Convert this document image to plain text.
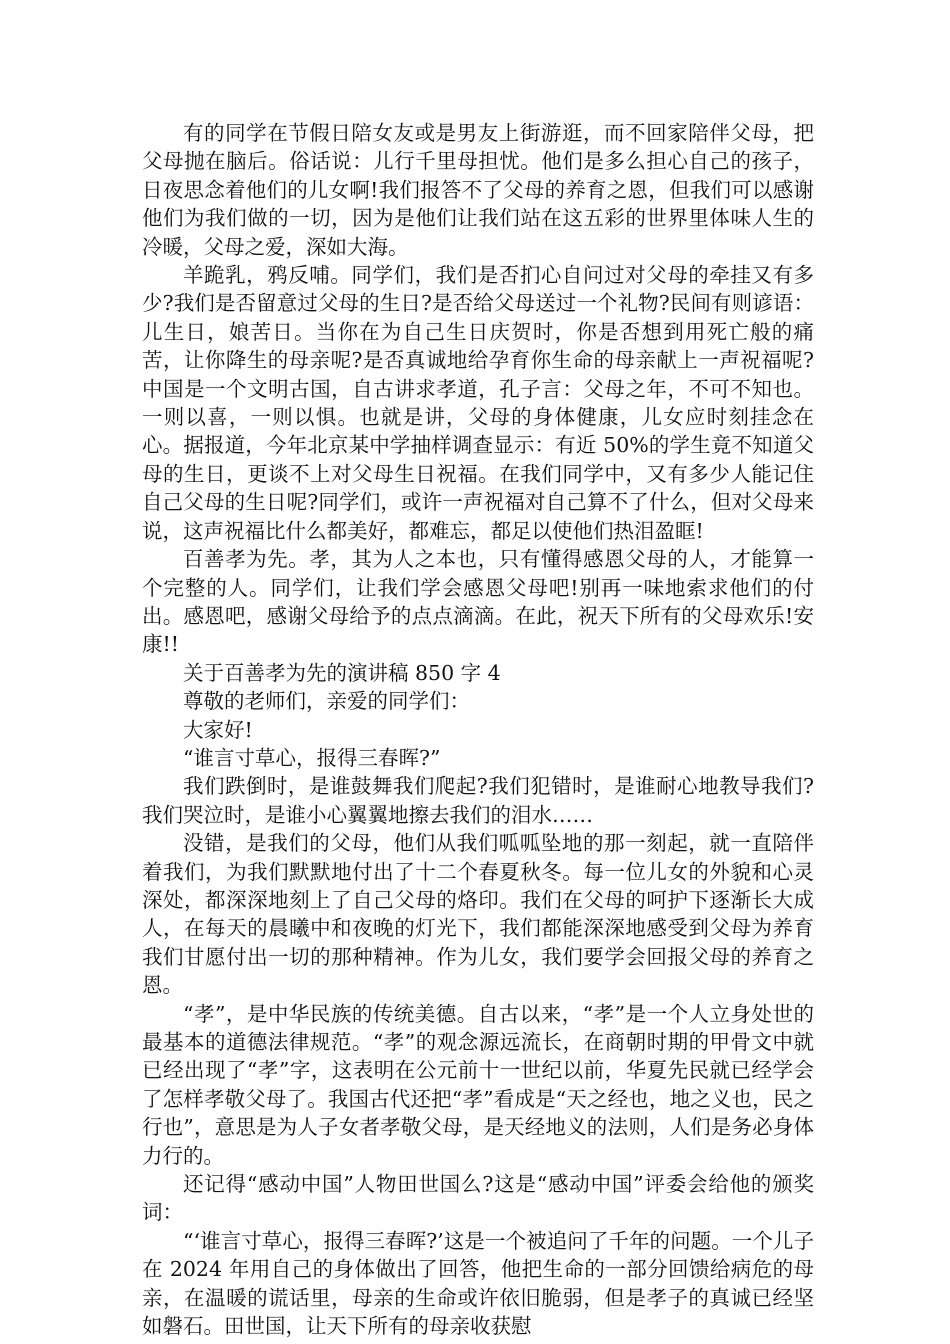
有的同学在节假日陪女友或是男友上街游逛，而不回家陪伴父母，把父母抛在脑后。俗话说：儿行千里母担忧。他们是多么担心自己的孩子，日夜思念着他们的儿女啊!我们报答不了父母的养育之恩，但我们可以感谢他们为我们做的一切，因为是他们让我们站在这五彩的世界里体味人生的冷暖，父母之爱，深如大海。

羊跪乳，鸦反哺。同学们，我们是否扪心自问过对父母的牵挂又有多少?我们是否留意过父母的生日?是否给父母送过一个礼物?民间有则谚语：儿生日，娘苦日。当你在为自己生日庆贺时，你是否想到用死亡般的痛苦，让你降生的母亲呢?是否真诚地给孕育你生命的母亲献上一声祝福呢?中国是一个文明古国，自古讲求孝道，孔子言：父母之年，不可不知也。一则以喜，一则以惧。也就是讲，父母的身体健康，儿女应时刻挂念在心。据报道，今年北京某中学抽样调查显示：有近 50%的学生竟不知道父母的生日，更谈不上对父母生日祝福。在我们同学中，又有多少人能记住自己父母的生日呢?同学们，或许一声祝福对自己算不了什么，但对父母来说，这声祝福比什么都美好，都难忘，都足以使他们热泪盈眶!

百善孝为先。孝，其为人之本也，只有懂得感恩父母的人，才能算一个完整的人。同学们，让我们学会感恩父母吧!别再一味地索求他们的付出。感恩吧，感谢父母给予的点点滴滴。在此，祝天下所有的父母欢乐!安康!!

关于百善孝为先的演讲稿 850 字 4

尊敬的老师们，亲爱的同学们：

大家好!

“谁言寸草心，报得三春晖?”

我们跌倒时，是谁鼓舞我们爬起?我们犯错时，是谁耐心地教导我们?我们哭泣时，是谁小心翼翼地擦去我们的泪水……

没错，是我们的父母，他们从我们呱呱坠地的那一刻起，就一直陪伴着我们，为我们默默地付出了十二个春夏秋冬。每一位儿女的外貌和心灵深处，都深深地刻上了自己父母的烙印。我们在父母的呵护下逐渐长大成人，在每天的晨曦中和夜晚的灯光下，我们都能深深地感受到父母为养育我们甘愿付出一切的那种精神。作为儿女，我们要学会回报父母的养育之恩。

“孝”，是中华民族的传统美德。自古以来，“孝”是一个人立身处世的最基本的道德法律规范。“孝”的观念源远流长，在商朝时期的甲骨文中就已经出现了“孝”字，这表明在公元前十一世纪以前，华夏先民就已经学会了怎样孝敬父母了。我国古代还把“孝”看成是“天之经也，地之义也，民之行也”，意思是为人子女者孝敬父母，是天经地义的法则，人们是务必身体力行的。

还记得“感动中国”人物田世国么?这是“感动中国”评委会给他的颁奖词：

“‘谁言寸草心，报得三春晖?’这是一个被追问了千年的问题。一个儿子在 2024 年用自己的身体做出了回答，他把生命的一部分回馈给病危的母亲，在温暖的谎话里，母亲的生命或许依旧脆弱，但是孝子的真诚已经坚如磐石。田世国，让天下所有的母亲收获慰
